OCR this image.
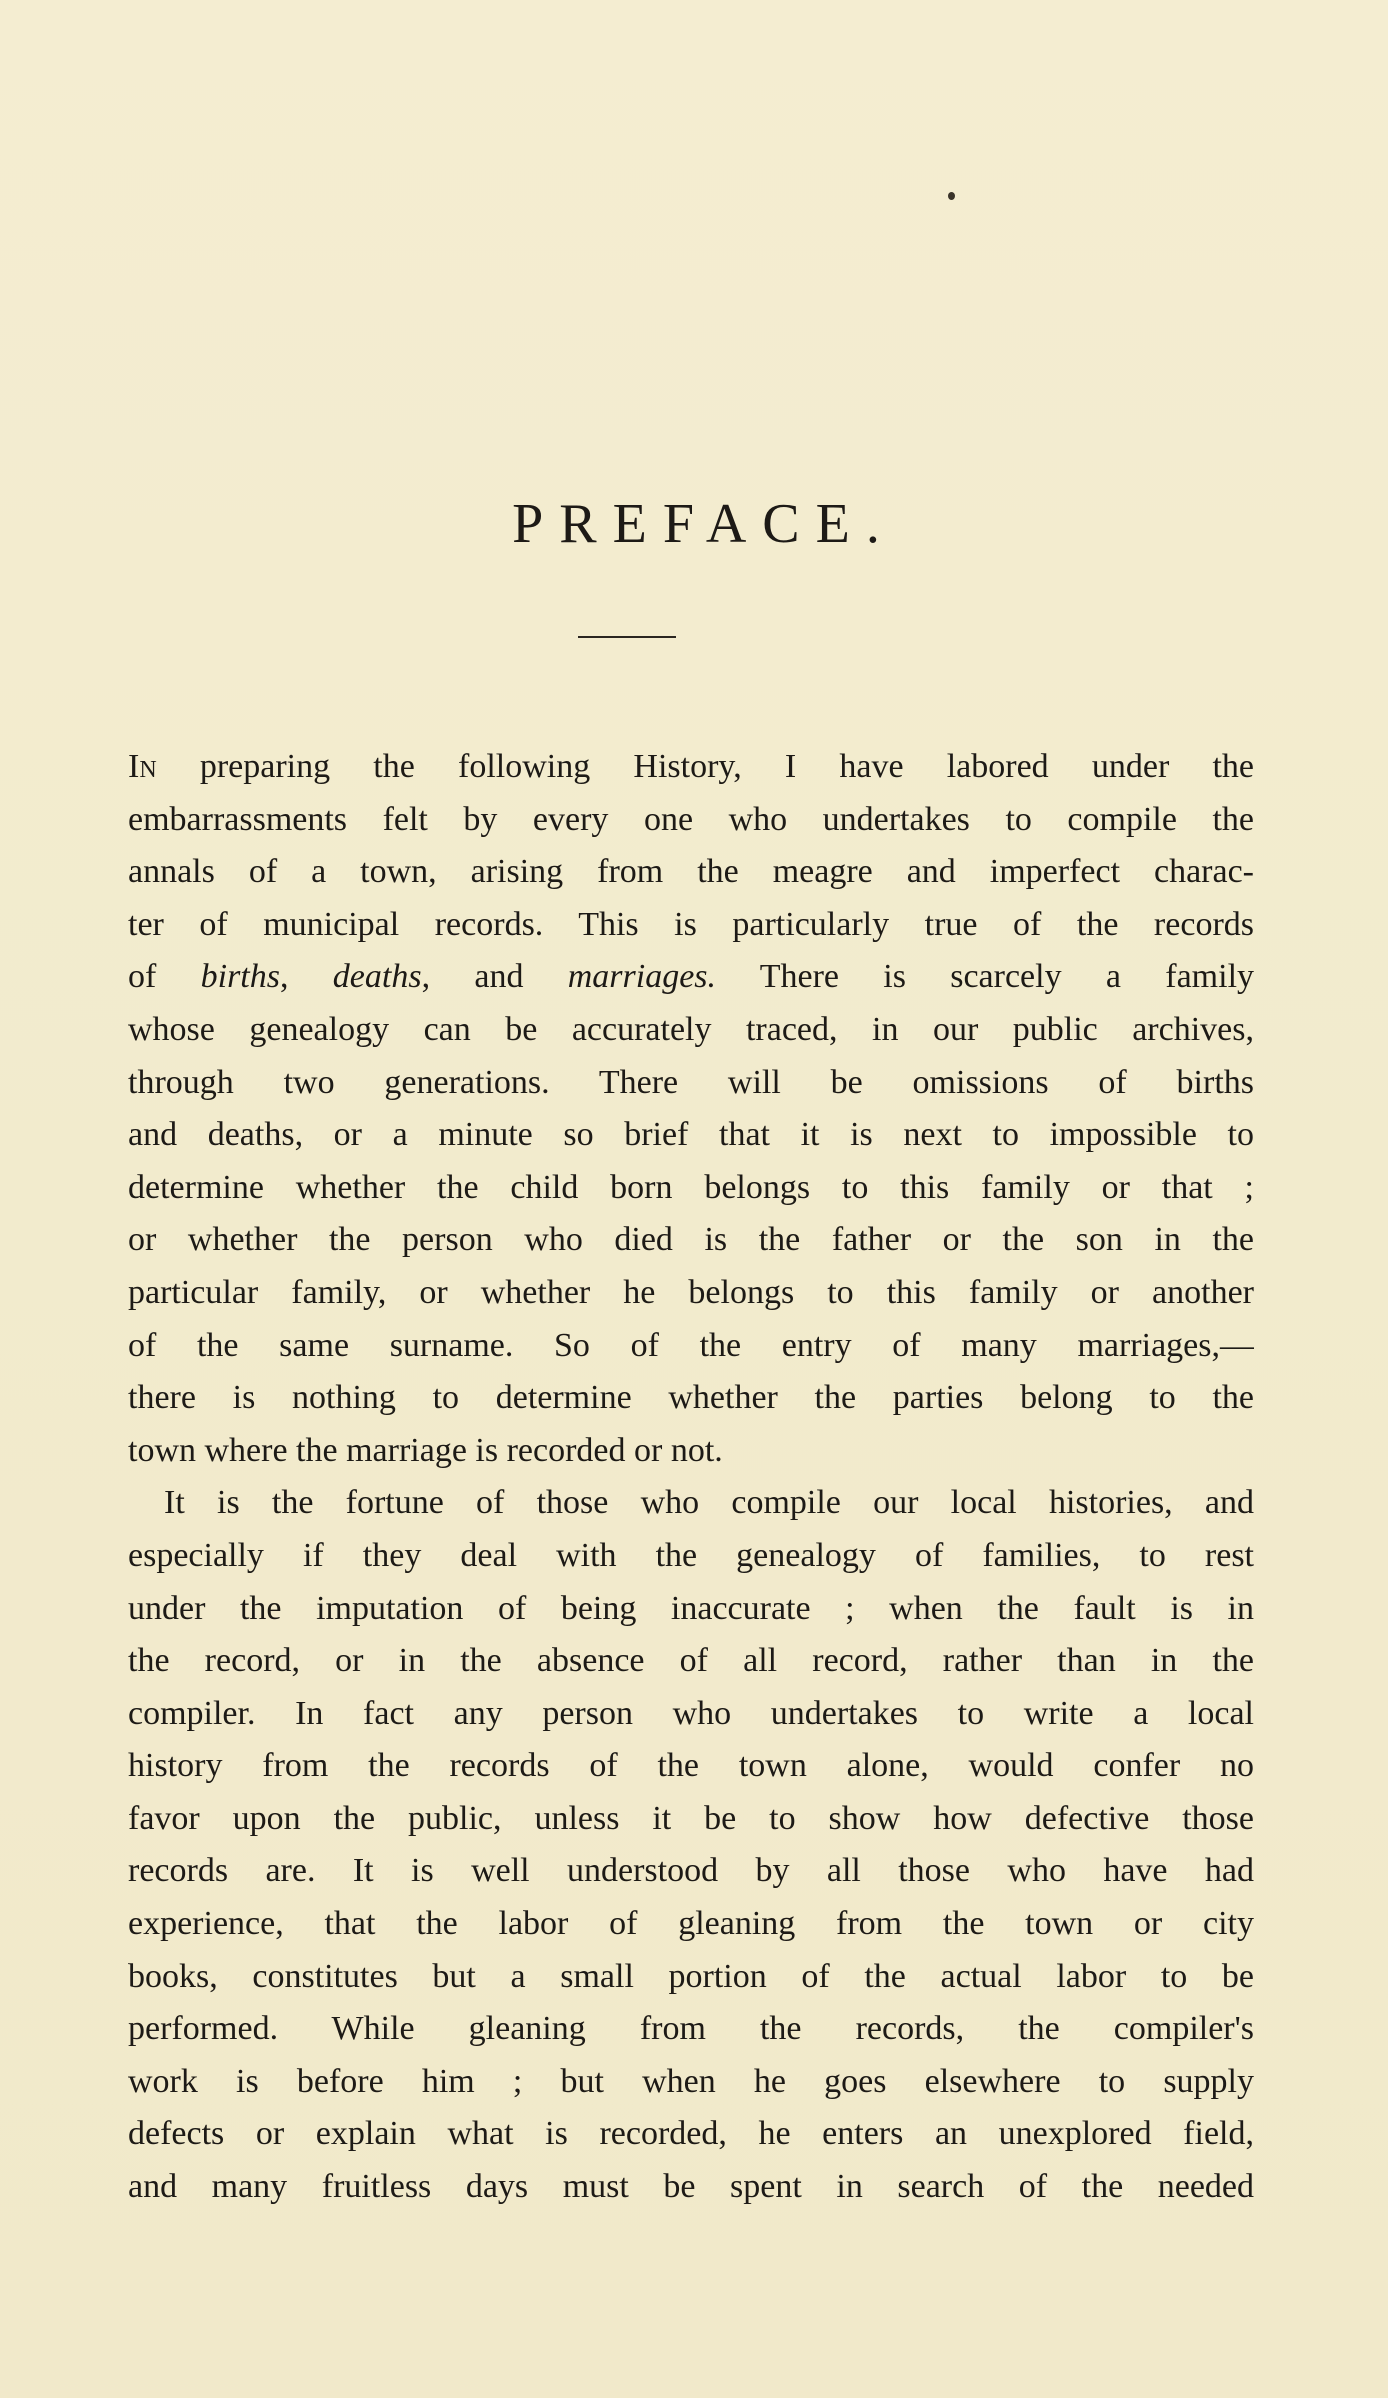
PREFACE.
In preparing the following History, I have labored under the
embarrassments felt by every one who undertakes to compile the
annals of a town, arising from the meagre and imperfect charac-
ter of municipal records. This is particularly true of the records
of births, deaths, and marriages. There is scarcely a family
whose genealogy can be accurately traced, in our public archives,
through two generations. There will be omissions of births
and deaths, or a minute so brief that it is next to impossible to
determine whether the child born belongs to this family or that ;
or whether the person who died is the father or the son in the
particular family, or whether he belongs to this family or another
of the same surname. So of the entry of many marriages,—
there is nothing to determine whether the parties belong to the
town where the marriage is recorded or not.
It is the fortune of those who compile our local histories, and
especially if they deal with the genealogy of families, to rest
under the imputation of being inaccurate ; when the fault is in
the record, or in the absence of all record, rather than in the
compiler. In fact any person who undertakes to write a local
history from the records of the town alone, would confer no
favor upon the public, unless it be to show how defective those
records are. It is well understood by all those who have had
experience, that the labor of gleaning from the town or city
books, constitutes but a small portion of the actual labor to be
performed. While gleaning from the records, the compiler's
work is before him ; but when he goes elsewhere to supply
defects or explain what is recorded, he enters an unexplored field,
and many fruitless days must be spent in search of the needed
